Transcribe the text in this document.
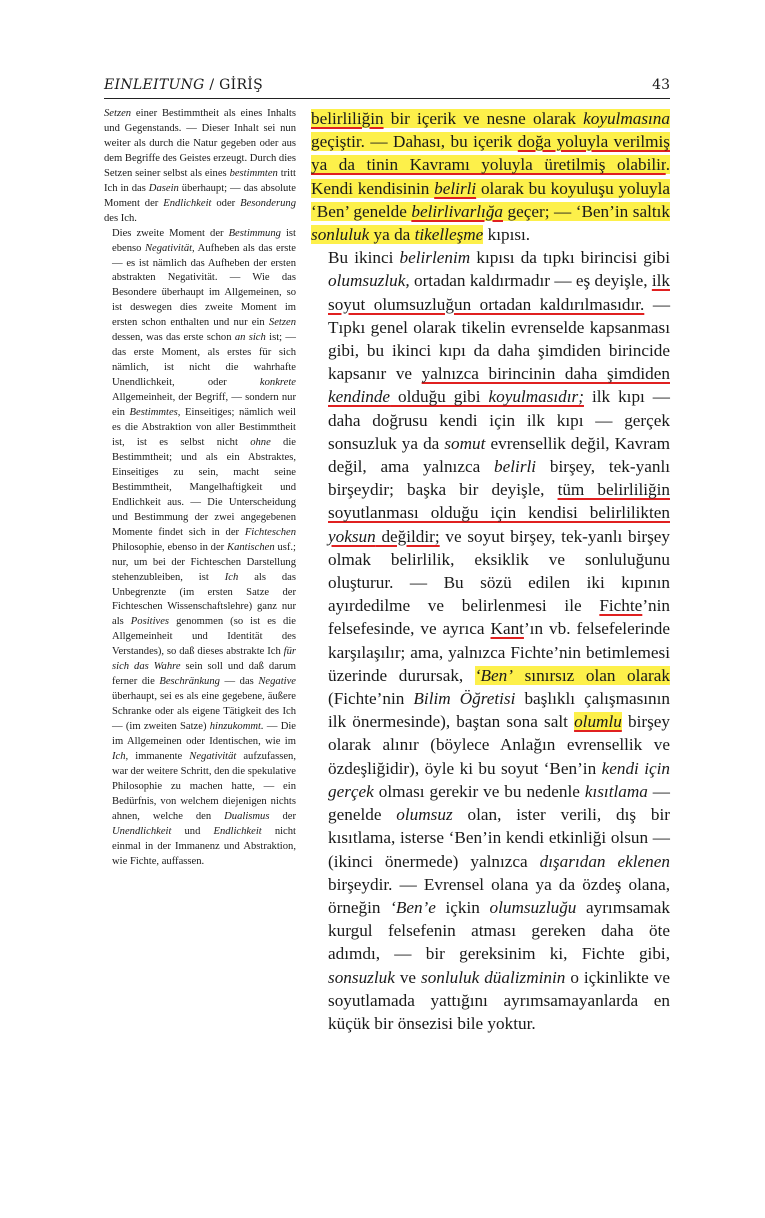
EINLEITUNG / GİRİŞ	43

Setzen einer Bestimmtheit als eines Inhalts und Gegenstands. — Dieser Inhalt sei nun weiter als durch die Natur gegeben oder aus dem Begriffe des Geistes erzeugt. Durch dies Setzen seiner selbst als eines bestimmten tritt Ich in das Dasein überhaupt; — das absolute Moment der Endlichkeit oder Besonderung des Ich.

Dies zweite Moment der Bestimmung ist ebenso Negativität, Aufheben als das erste — es ist nämlich das Aufheben der ersten abstrakten Negativität. — Wie das Besondere überhaupt im Allgemeinen, so ist deswegen dies zweite Moment im ersten schon enthalten und nur ein Setzen dessen, was das erste schon an sich ist; — das erste Moment, als erstes für sich nämlich, ist nicht die wahrhafte Unendlichkeit, oder konkrete Allgemeinheit, der Begriff, — sondern nur ein Bestimmtes, Einseitiges; nämlich weil es die Abstraktion von aller Bestimmtheit ist, ist es selbst nicht ohne die Bestimmtheit; und als ein Abstraktes, Einseitiges zu sein, macht seine Bestimmtheit, Mangelhaftigkeit und Endlichkeit aus. — Die Unterscheidung und Bestimmung der zwei angegebenen Momente findet sich in der Fichteschen Philosophie, ebenso in der Kantischen usf.; nur, um bei der Fichteschen Darstellung stehenzubleiben, ist Ich als das Unbegrenzte (im ersten Satze der Fichteschen Wissenschaftslehre) ganz nur als Positives genommen (so ist es die Allgemeinheit und Identität des Verstandes), so daß dieses abstrakte Ich für sich das Wahre sein soll und daß darum ferner die Beschränkung — das Negative überhaupt, sei es als eine gegebene, äußere Schranke oder als eigene Tätigkeit des Ich — (im zweiten Satze) hinzukommt. — Die im Allgemeinen oder Identischen, wie im Ich, immanente Negativität aufzufassen, war der weitere Schritt, den die spekulative Philosophie zu machen hatte, — ein Bedürfnis, von welchem diejenigen nichts ahnen, welche den Dualismus der Unendlichkeit und Endlichkeit nicht einmal in der Immanenz und Abstraktion, wie Fichte, auffassen.

belirliliğin bir içerik ve nesne olarak koyulmasına geçiştir. — Dahası, bu içerik doğa yoluyla verilmiş ya da tinin Kavramı yoluyla üretilmiş olabilir. Kendi kendisinin belirli olarak bu koyuluşu yoluyla ‘Ben’ genelde belirlivarlığa geçer; — ‘Ben’in saltık sonluluk ya da tikelleşme kıpısı.

Bu ikinci belirlenim kıpısı da tıpkı birincisi gibi olumsuzluk, ortadan kaldırmadır — eş deyişle, ilk soyut olumsuzluğun ortadan kaldırılmasıdır. — Tıpkı genel olarak tikelin evrenselde kapsanması gibi, bu ikinci kıpı da daha şimdiden birincide kapsanır ve yalnızca birincinin daha şimdiden kendinde olduğu gibi koyulmasıdır; ilk kıpı — daha doğrusu kendi için ilk kıpı — gerçek sonsuzluk ya da somut evrensellik değil, Kavram değil, ama yalnızca belirli birşey, tek-yanlı birşeydir; başka bir deyişle, tüm belirliliğin soyutlanması olduğu için kendisi belirlilikten yoksun değildir; ve soyut birşey, tek-yanlı birşey olmak belirlilik, eksiklik ve sonluluğunu oluşturur. — Bu sözü edilen iki kıpının ayırdedilme ve belirlenmesi ile Fichte’nin felsefesinde, ve ayrıca Kant’ın vb. felsefelerinde karşılaşılır; ama, yalnızca Fichte’nin betimlemesi üzerinde durursak, ‘Ben’ sınırsız olan olarak (Fichte’nin Bilim Öğretisi başlıklı çalışmasının ilk önermesinde), baştan sona salt olumlu birşey olarak alınır (böylece Anlağın evrensellik ve özdeşliğidir), öyle ki bu soyut ‘Ben’in kendi için gerçek olması gerekir ve bu nedenle kısıtlama — genelde olumsuz olan, ister verili, dış bir kısıtlama, isterse ‘Ben’in kendi etkinliği olsun — (ikinci önermede) yalnızca dışarıdan eklenen birşeydir. — Evrensel olana ya da özdeş olana, örneğin ‘Ben’e içkin olumsuzluğu ayrımsamak kurgul felsefenin atması gereken daha öte adımdı, — bir gereksinim ki, Fichte gibi, sonsuzluk ve sonluluk düalizminin o içkinlikte ve soyutlamada yattığını ayrımsamayanlarda en küçük bir önsezisi bile yoktur.
